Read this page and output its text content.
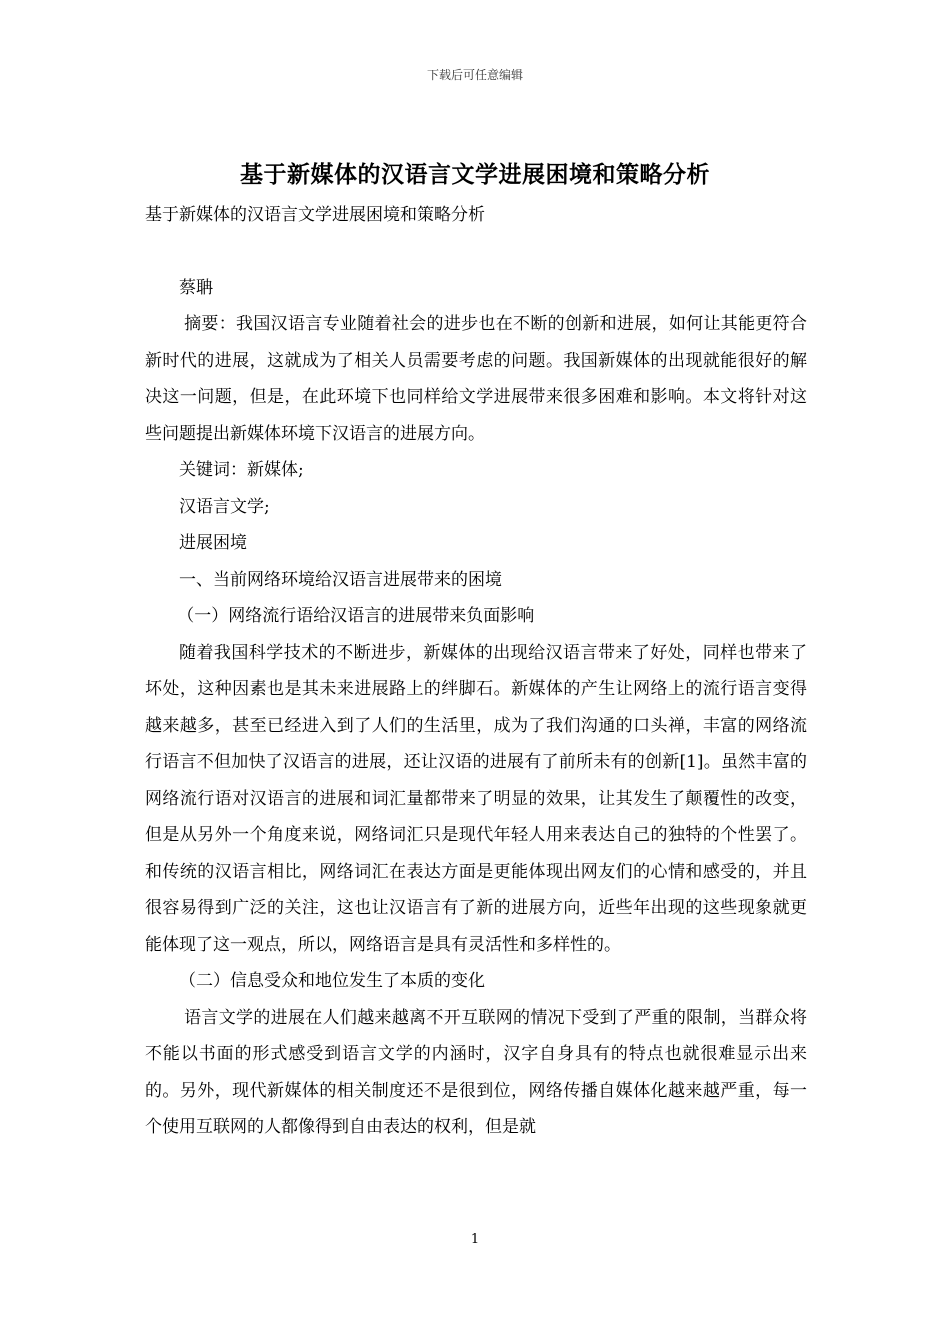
下载后可任意编辑
基于新媒体的汉语言文学进展困境和策略分析

基于新媒体的汉语言文学进展困境和策略分析

蔡聃

摘要：我国汉语言专业随着社会的进步也在不断的创新和进展，如何让其能更符合新时代的进展，这就成为了相关人员需要考虑的问题。我国新媒体的出现就能很好的解决这一问题，但是，在此环境下也同样给文学进展带来很多困难和影响。本文将针对这些问题提出新媒体环境下汉语言的进展方向。

关键词：新媒体;

汉语言文学;

进展困境

一、当前网络环境给汉语言进展带来的困境

（一）网络流行语给汉语言的进展带来负面影响

随着我国科学技术的不断进步，新媒体的出现给汉语言带来了好处，同样也带来了坏处，这种因素也是其未来进展路上的绊脚石。新媒体的产生让网络上的流行语言变得越来越多，甚至已经进入到了人们的生活里，成为了我们沟通的口头禅，丰富的网络流行语言不但加快了汉语言的进展，还让汉语的进展有了前所未有的创新[1]。虽然丰富的网络流行语对汉语言的进展和词汇量都带来了明显的效果，让其发生了颠覆性的改变，但是从另外一个角度来说，网络词汇只是现代年轻人用来表达自己的独特的个性罢了。和传统的汉语言相比，网络词汇在表达方面是更能体现出网友们的心情和感受的，并且很容易得到广泛的关注，这也让汉语言有了新的进展方向，近些年出现的这些现象就更能体现了这一观点，所以，网络语言是具有灵活性和多样性的。

（二）信息受众和地位发生了本质的变化

语言文学的进展在人们越来越离不开互联网的情况下受到了严重的限制，当群众将不能以书面的形式感受到语言文学的内涵时，汉字自身具有的特点也就很难显示出来的。另外，现代新媒体的相关制度还不是很到位，网络传播自媒体化越来越严重，每一个使用互联网的人都像得到自由表达的权利，但是就

1
